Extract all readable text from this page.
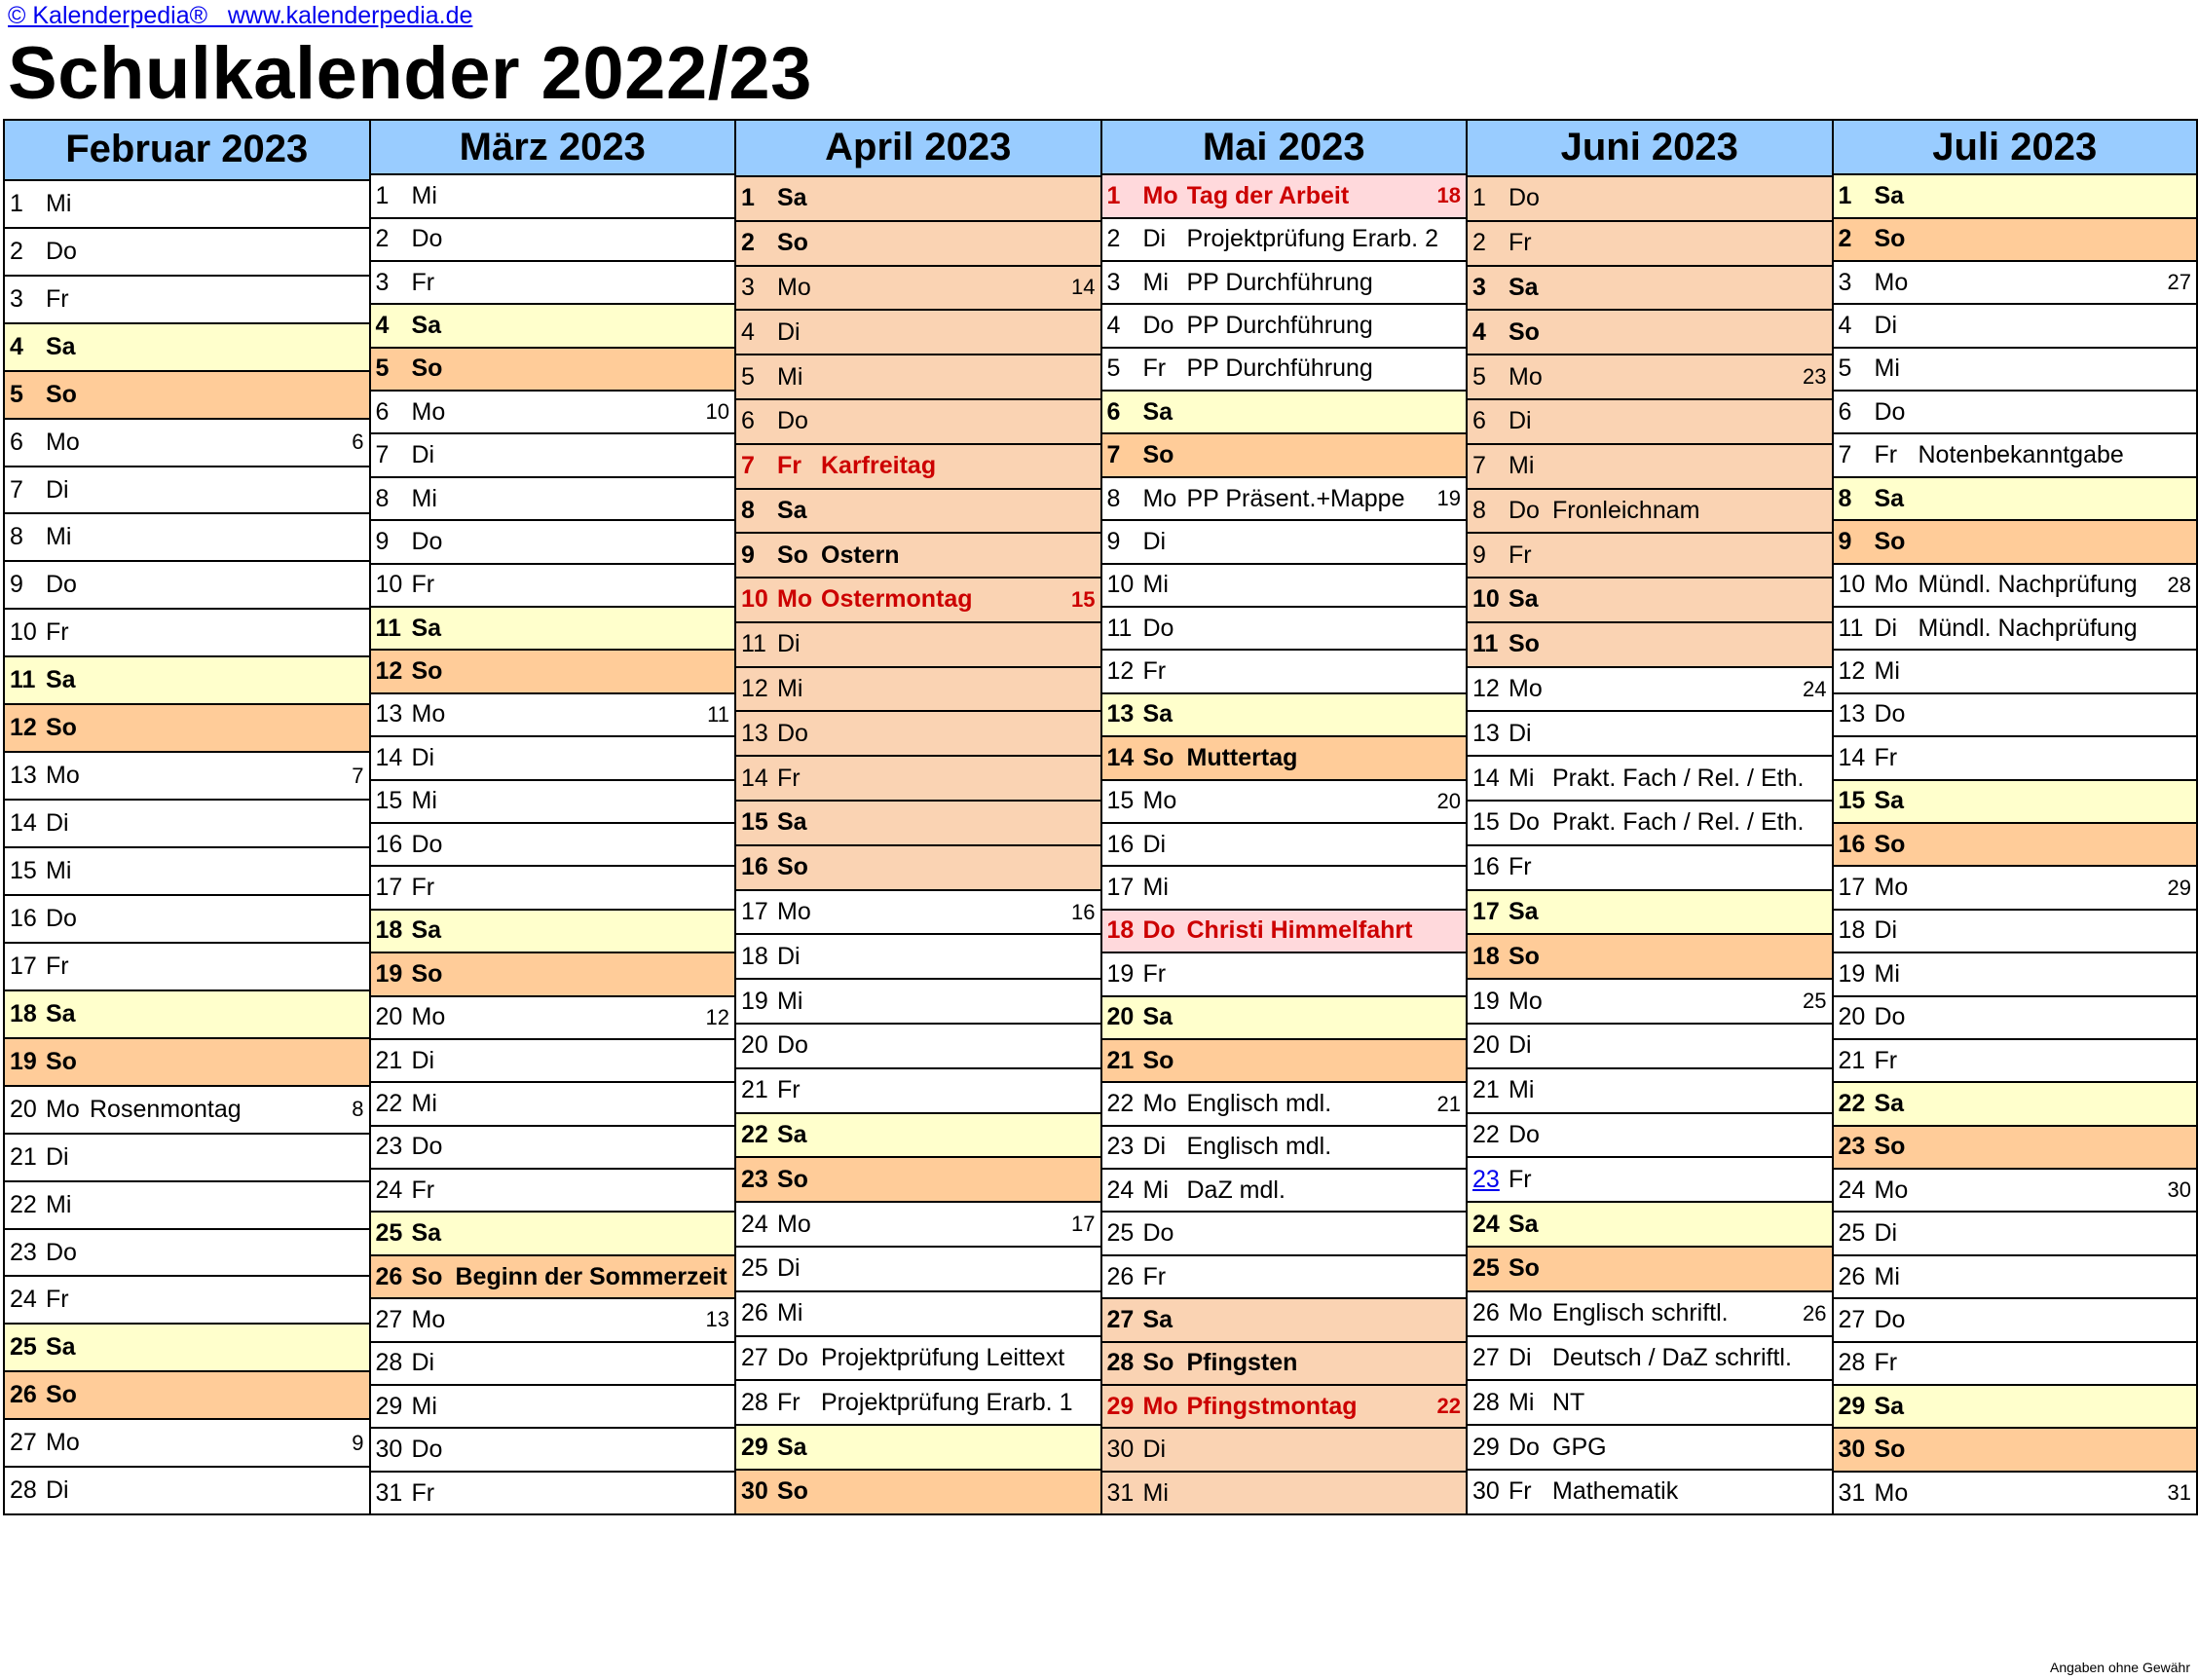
© Kalenderpedia®   www.kalenderpedia.de
Schulkalender 2022/23
Februar 2023
1 Mi
2 Do
3 Fr
4 Sa
5 So
6 Mo	6
7 Di
8 Mi
9 Do
10 Fr
11 Sa
12 So
13 Mo	7
14 Di
15 Mi
16 Do
17 Fr
18 Sa
19 So
20 Mo Rosenmontag	8
21 Di
22 Mi
23 Do
24 Fr
25 Sa
26 So
27 Mo	9
28 Di
März 2023
1 Mi
2 Do
3 Fr
4 Sa
5 So
6 Mo	10
7 Di
8 Mi
9 Do
10 Fr
11 Sa
12 So
13 Mo	11
14 Di
15 Mi
16 Do
17 Fr
18 Sa
19 So
20 Mo	12
21 Di
22 Mi
23 Do
24 Fr
25 Sa
26 So Beginn der Sommerzeit
27 Mo	13
28 Di
29 Mi
30 Do
31 Fr
April 2023
1 Sa
2 So
3 Mo	14
4 Di
5 Mi
6 Do
7 Fr Karfreitag
8 Sa
9 So Ostern
10 Mo Ostermontag	15
11 Di
12 Mi
13 Do
14 Fr
15 Sa
16 So
17 Mo	16
18 Di
19 Mi
20 Do
21 Fr
22 Sa
23 So
24 Mo	17
25 Di
26 Mi
27 Do Projektprüfung Leittext
28 Fr Projektprüfung Erarb. 1
29 Sa
30 So
Mai 2023
1 Mo Tag der Arbeit	18
2 Di Projektprüfung Erarb. 2
3 Mi PP Durchführung
4 Do PP Durchführung
5 Fr PP Durchführung
6 Sa
7 So
8 Mo PP Präsent.+Mappe	19
9 Di
10 Mi
11 Do
12 Fr
13 Sa
14 So Muttertag
15 Mo	20
16 Di
17 Mi
18 Do Christi Himmelfahrt
19 Fr
20 Sa
21 So
22 Mo Englisch mdl.	21
23 Di Englisch mdl.
24 Mi DaZ mdl.
25 Do
26 Fr
27 Sa
28 So Pfingsten
29 Mo Pfingstmontag	22
30 Di
31 Mi
Juni 2023
1 Do
2 Fr
3 Sa
4 So
5 Mo	23
6 Di
7 Mi
8 Do Fronleichnam
9 Fr
10 Sa
11 So
12 Mo	24
13 Di
14 Mi Prakt. Fach / Rel. / Eth.
15 Do Prakt. Fach / Rel. / Eth.
16 Fr
17 Sa
18 So
19 Mo	25
20 Di
21 Mi
22 Do
23 Fr
24 Sa
25 So
26 Mo Englisch schriftl.	26
27 Di Deutsch / DaZ schriftl.
28 Mi NT
29 Do GPG
30 Fr Mathematik
Juli 2023
1 Sa
2 So
3 Mo	27
4 Di
5 Mi
6 Do
7 Fr Notenbekanntgabe
8 Sa
9 So
10 Mo Mündl. Nachprüfung	28
11 Di Mündl. Nachprüfung
12 Mi
13 Do
14 Fr
15 Sa
16 So
17 Mo	29
18 Di
19 Mi
20 Do
21 Fr
22 Sa
23 So
24 Mo	30
25 Di
26 Mi
27 Do
28 Fr
29 Sa
30 So
31 Mo	31
Angaben ohne Gewähr
